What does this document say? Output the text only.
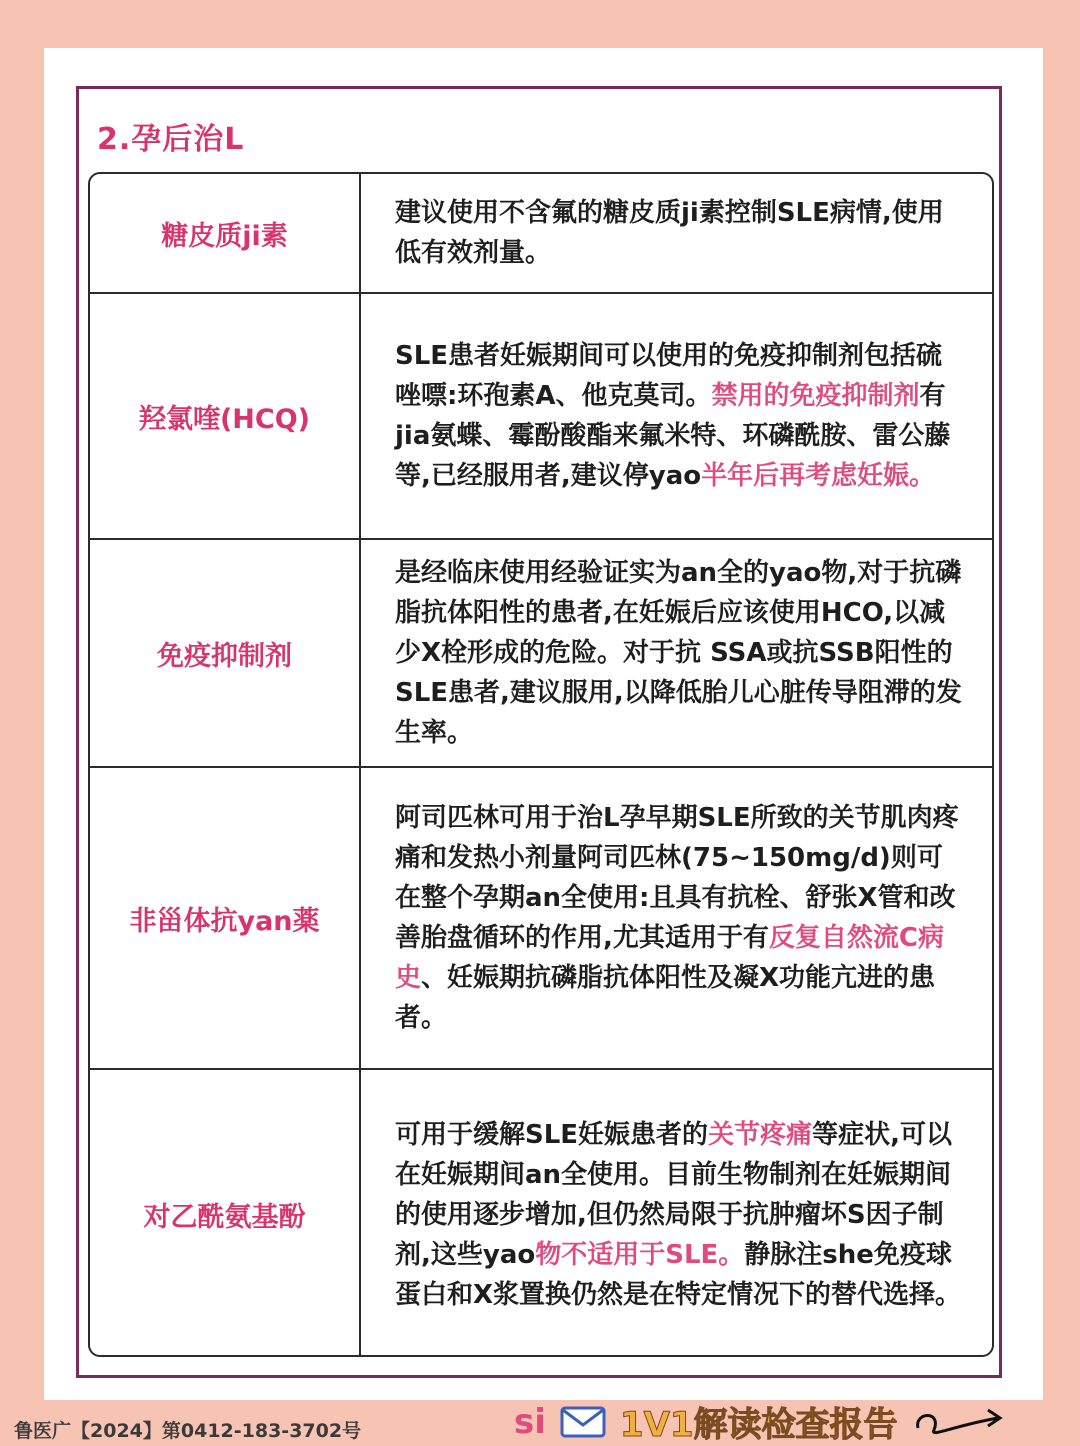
2.孕后治L
糖皮质ji素

建议使用不含氟的糖皮质ji素控制SLE病情,使用低有效剂量。

羟氯喹(HCQ)

SLE患者妊娠期间可以使用的免疫抑制剂包括硫唑嘌:环孢素A、他克莫司。禁用的免疫抑制剂有jia氨蝶、霉酚酸酯来氟米特、环磷酰胺、雷公藤等,已经服用者,建议停yao半年后再考虑妊娠。

免疫抑制剂

是经临床使用经验证实为an全的yao物,对于抗磷脂抗体阳性的患者,在妊娠后应该使用HCO,以减少X栓形成的危险。对于抗 SSA或抗SSB阳性的SLE患者,建议服用,以降低胎儿心脏传导阻滞的发生率。

非甾体抗yan薬

阿司匹林可用于治L孕早期SLE所致的关节肌肉疼痛和发热小剂量阿司匹林(75~150mg/d)则可在整个孕期an全使用:且具有抗栓、舒张X管和改善胎盘循环的作用,尤其适用于有反复自然流C病史、妊娠期抗磷脂抗体阳性及凝X功能亢进的患者。

对乙酰氨基酚

可用于缓解SLE妊娠患者的关节疼痛等症状,可以在妊娠期间an全使用。目前生物制剂在妊娠期间的使用逐步增加,但仍然局限于抗肿瘤坏S因子制剂,这些yao物不适用于SLE。静脉注she免疫球蛋白和X浆置换仍然是在特定情况下的替代选择。

鲁医广【2024】第0412-183-3702号	si 1V1解读检查报告
